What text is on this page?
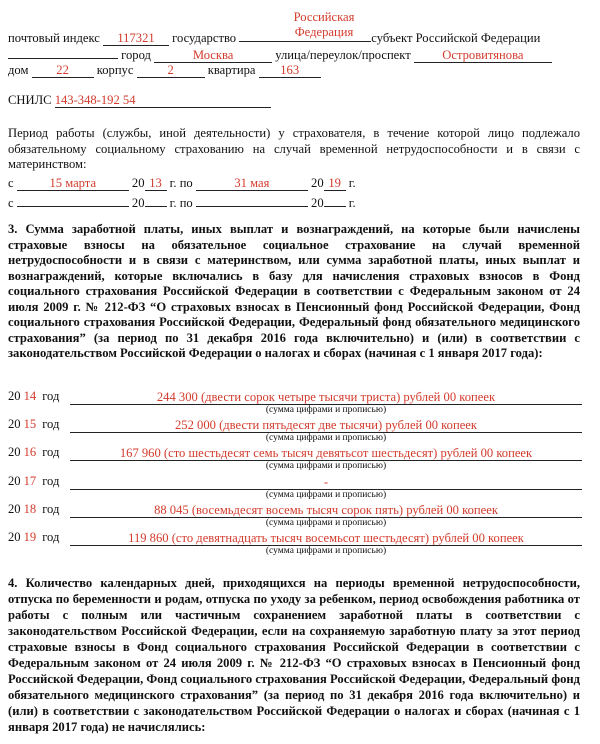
Российская
Федерация
почтовый индекс 117321 государство	субъект Российской Федерации
город	Москва	улица/переулок/проспект	Островитянова
дом 22 корпус	2	квартира 163
СНИЛС 143-348-192 54
Период работы (службы, иной деятельности) у страхователя, в течение которой лицо подлежало обязательному социальному страхованию на случай временной нетрудоспособности и в связи с материнством:
с	15 марта	20 13 г. по	31 мая	20 19 г.
с	20 г. по	20 г.
3. Сумма заработной платы, иных выплат и вознаграждений, на которые были начислены страховые взносы на обязательное социальное страхование на случай временной нетрудоспособности и в связи с материнством, или сумма заработной платы, иных выплат и вознаграждений, которые включались в базу для начисления страховых взносов в Фонд социального страхования Российской Федерации в соответствии с Федеральным законом от 24 июля 2009 г. № 212-ФЗ “О страховых взносах в Пенсионный фонд Российской Федерации, Фонд социального страхования Российской Федерации, Федеральный фонд обязательного медицинского страхования” (за период по 31 декабря 2016 года включительно) и (или) в соответствии с законодательством Российской Федерации о налогах и сборах (начиная с 1 января 2017 года):
20 14 год	244 300 (двести сорок четыре тысячи триста) рублей 00 копеек
(сумма цифрами и прописью)
20 15 год	252 000 (двести пятьдесят две тысячи) рублей 00 копеек
(сумма цифрами и прописью)
20 16 год	167 960 (сто шестьдесят семь тысяч девятьсот шестьдесят) рублей 00 копеек
(сумма цифрами и прописью)
20 17 год	-
(сумма цифрами и прописью)
20 18 год	88 045 (восемьдесят восемь тысяч сорок пять) рублей 00 копеек
(сумма цифрами и прописью)
20 19 год	119 860 (сто девятнадцать тысяч восемьсот шестьдесят) рублей 00 копеек
(сумма цифрами и прописью)
4. Количество календарных дней, приходящихся на периоды временной нетрудоспособности, отпуска по беременности и родам, отпуска по уходу за ребенком, период освобождения работника от работы с полным или частичным сохранением заработной платы в соответствии с законодательством Российской Федерации, если на сохраняемую заработную плату за этот период страховые взносы в Фонд социального страхования Российской Федерации в соответствии с Федеральным законом от 24 июля 2009 г. № 212-ФЗ “О страховых взносах в Пенсионный фонд Российской Федерации, Фонд социального страхования Российской Федерации, Федеральный фонд обязательного медицинского страхования” (за период по 31 декабря 2016 года включительно) и (или) в соответствии с законодательством Российской Федерации о налогах и сборах (начиная с 1 января 2017 года) не начислялись:
